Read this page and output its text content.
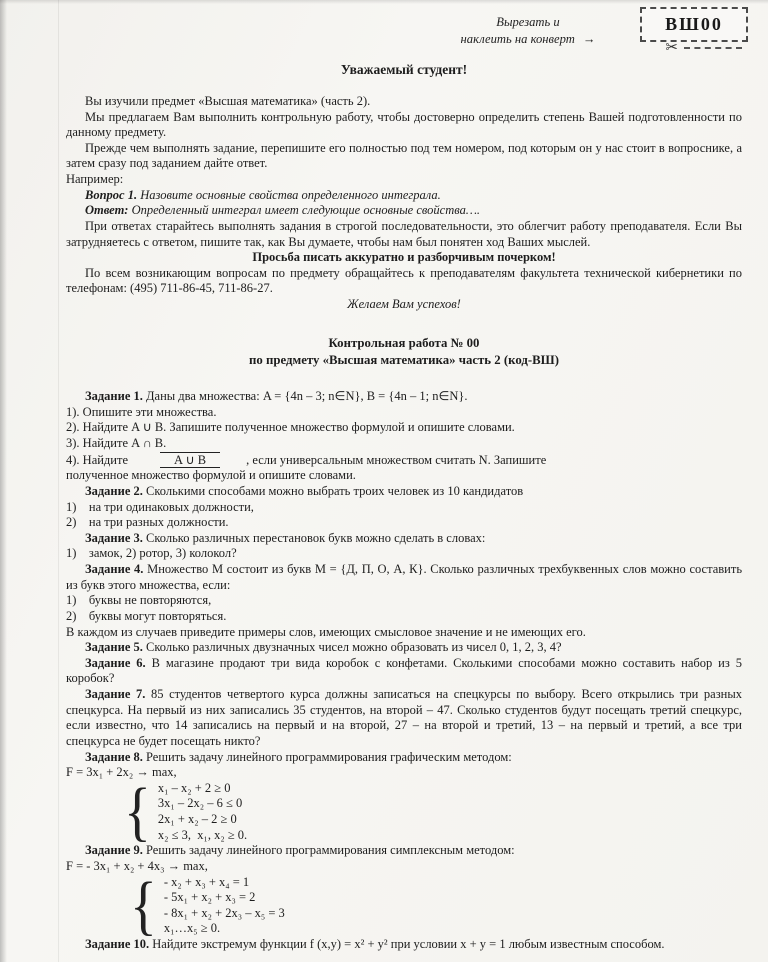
Вырезать и
наклеить на конверт →
ВШ00
✂
Уважаемый студент!

Вы изучили предмет «Высшая математика» (часть 2).

Мы предлагаем Вам выполнить контрольную работу, чтобы достоверно определить степень Вашей подготовленности по данному предмету.

Прежде чем выполнять задание, перепишите его полностью под тем номером, под которым он у нас стоит в вопроснике, а затем сразу под заданием дайте ответ.

Например:

Вопрос 1. Назовите основные свойства определенного интеграла.

Ответ: Определенный интеграл имеет следующие основные свойства….

При ответах старайтесь выполнять задания в строгой последовательности, это облегчит работу преподавателя. Если Вы затрудняетесь с ответом, пишите так, как Вы думаете, чтобы нам был понятен ход Ваших мыслей.

Просьба писать аккуратно и разборчивым почерком!

По всем возникающим вопросам по предмету обращайтесь к преподавателям факультета технической кибернетики по телефонам: (495) 711-86-45, 711-86-27.

Желаем Вам успехов!

Контрольная работа № 00
по предмету «Высшая математика» часть 2 (код-ВШ)

Задание 1. Даны два множества: A = {4n – 3; n∈N}, B = {4n – 1; n∈N}.

1). Опишите эти множества.

2). Найдите A ∪ B. Запишите полученное множество формулой и опишите словами.

3). Найдите A ∩ B.

4). Найдите	A ∪ B	, если универсальным множеством считать N. Запишите

полученное множество формулой и опишите словами.

Задание 2. Сколькими способами можно выбрать троих человек из 10 кандидатов

1)    на три одинаковых должности,

2)    на три разных должности.

Задание 3. Сколько различных перестановок букв можно сделать в словах:

1)    замок, 2) ротор, 3) колокол?

Задание 4. Множество М состоит из букв М = {Д, П, О, А, К}. Сколько различных трехбуквенных слов можно составить из букв этого множества, если:

1)    буквы не повторяются,

2)    буквы могут повторяться.

В каждом из случаев приведите примеры слов, имеющих смысловое значение и не имеющих его.

Задание 5. Сколько различных двузначных чисел можно образовать из чисел 0, 1, 2, 3, 4?

Задание 6. В магазине продают три вида коробок с конфетами. Сколькими способами можно составить набор из 5 коробок?

Задание 7. 85 студентов четвертого курса должны записаться на спецкурсы по выбору. Всего открылись три разных спецкурса. На первый из них записались 35 студентов, на второй – 47. Сколько студентов будут посещать третий спецкурс, если известно, что 14 записались на первый и на второй, 27 – на второй и третий, 13 – на первый и третий, а все три спецкурса не будет посещать никто?

Задание 8. Решить задачу линейного программирования графическим методом:

F = 3x₁ + 2x₂ → max,

{ x₁ – x₂ + 2 ≥ 0
3x₁ – 2x₂ – 6 ≤ 0
2x₁ + x₂ – 2 ≥ 0
x₂ ≤ 3,  x₁, x₂ ≥ 0.

Задание 9. Решить задачу линейного программирования симплексным методом:

F = - 3x₁ + x₂ + 4x₃ → max,

{ - x₂ + x₃ + x₄ = 1
- 5x₁ + x₂ + x₃ = 2
- 8x₁ + x₂ + 2x₃ – x₅ = 3
x₁…x₅ ≥ 0.

Задание 10. Найдите экстремум функции f (x,y) = x² + y² при условии x + y = 1 любым известным способом.
